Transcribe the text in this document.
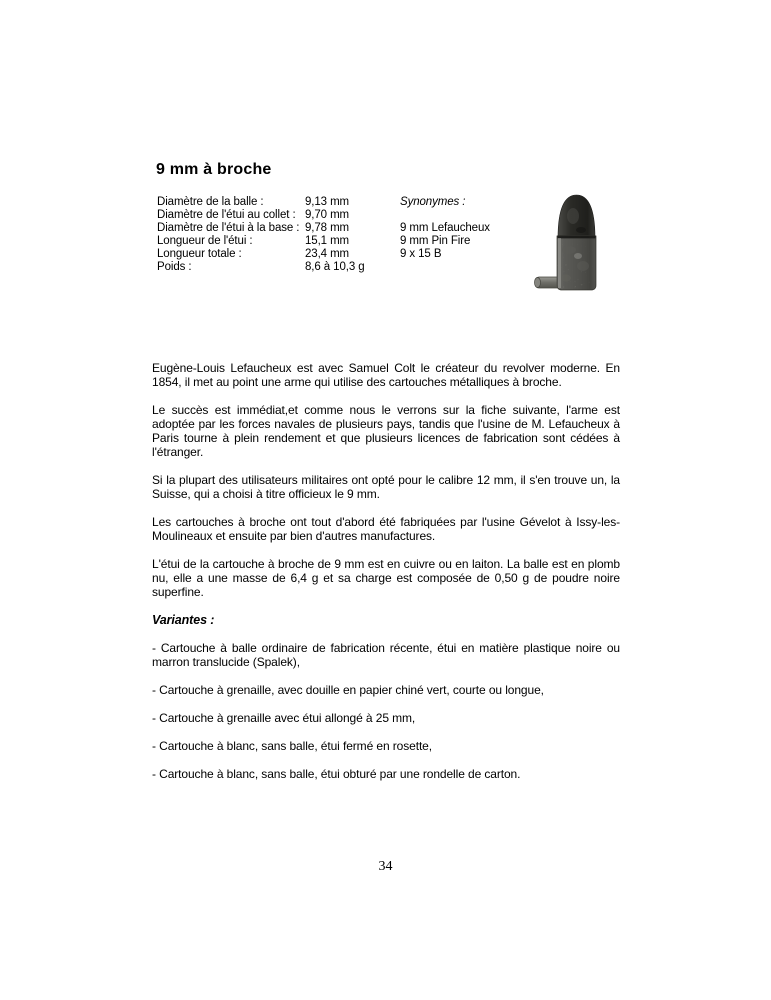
9 mm à broche
Diamètre de la balle :	9,13 mm
Diamètre de l'étui au collet : 9,70 mm
Diamètre de l'étui à la base : 9,78 mm
Longueur de l'étui :	15,1 mm
Longueur totale :	23,4 mm
Poids :	8,6 à 10,3 g
Synonymes :
9 mm Lefaucheux
9 mm Pin Fire
9 x 15 B

Eugène-Louis Lefaucheux est avec Samuel Colt le créateur du revolver moderne. En 1854, il met au point une arme qui utilise des cartouches métalliques à broche.

Le succès est immédiat,et comme nous le verrons sur la fiche suivante, l'arme est adoptée par les forces navales de plusieurs pays, tandis que l'usine de M. Lefaucheux à Paris tourne à plein rendement et que plusieurs licences de fabrication sont cédées à l'étranger.

Si la plupart des utilisateurs militaires ont opté pour le calibre 12 mm, il s'en trouve un, la Suisse, qui a choisi à titre officieux le 9 mm.

Les cartouches à broche ont tout d'abord été fabriquées par l'usine Gévelot à Issy-les-Moulineaux et ensuite par bien d'autres manufactures.

L'étui de la cartouche à broche de 9 mm est en cuivre ou en laiton. La balle est en plomb nu, elle a une masse de 6,4 g et sa charge est composée de 0,50 g de poudre noire superfine.

Variantes :

- Cartouche à balle ordinaire de fabrication récente, étui en matière plastique noire ou marron translucide (Spalek),

- Cartouche à grenaille, avec douille en papier chiné vert, courte ou longue,

- Cartouche à grenaille avec étui allongé à 25 mm,

- Cartouche à blanc, sans balle, étui fermé en rosette,

- Cartouche à blanc, sans balle, étui obturé par une rondelle de carton.

34
